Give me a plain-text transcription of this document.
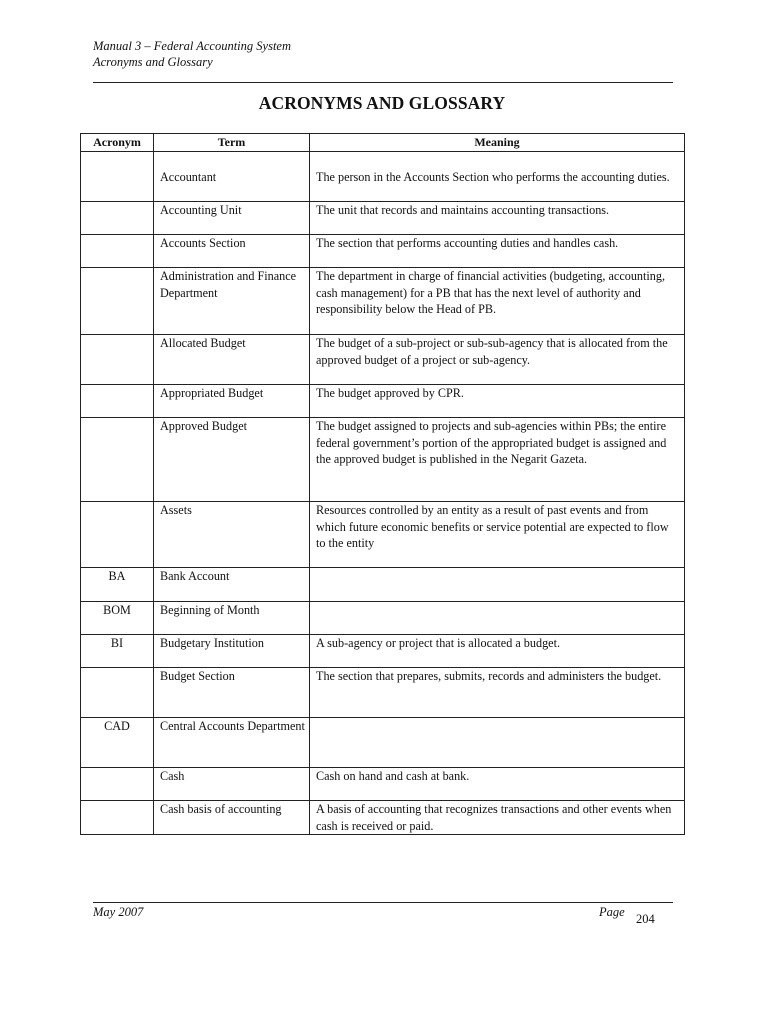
Manual 3 – Federal Accounting System
Acronyms and Glossary
ACRONYMS AND GLOSSARY
Acronym	Term	Meaning
	Accountant	The person in the Accounts Section who performs the accounting duties.
	Accounting Unit	The unit that records and maintains accounting transactions.
	Accounts Section	The section that performs accounting duties and handles cash.
	Administration and Finance Department	The department in charge of financial activities (budgeting, accounting, cash management) for a PB that has the next level of authority and responsibility below the Head of PB.
	Allocated Budget	The budget of a sub-project or sub-sub-agency that is allocated from the approved budget of a project or sub-agency.
	Appropriated Budget	The budget approved by CPR.
	Approved Budget	The budget assigned to projects and sub-agencies within PBs; the entire federal government’s portion of the appropriated budget is assigned and the approved budget is published in the Negarit Gazeta.
	Assets	Resources controlled by an entity as a result of past events and from which future economic benefits or service potential are expected to flow to the entity
BA	Bank Account	
BOM	Beginning of Month	
BI	Budgetary Institution	A sub-agency or project that is allocated a budget.
	Budget Section	The section that prepares, submits, records and administers the budget.
CAD	Central Accounts Department	
	Cash	Cash on hand and cash at bank.
	Cash basis of accounting	A basis of accounting that recognizes transactions and other events when cash is received or paid.
May 2007	Page 204
